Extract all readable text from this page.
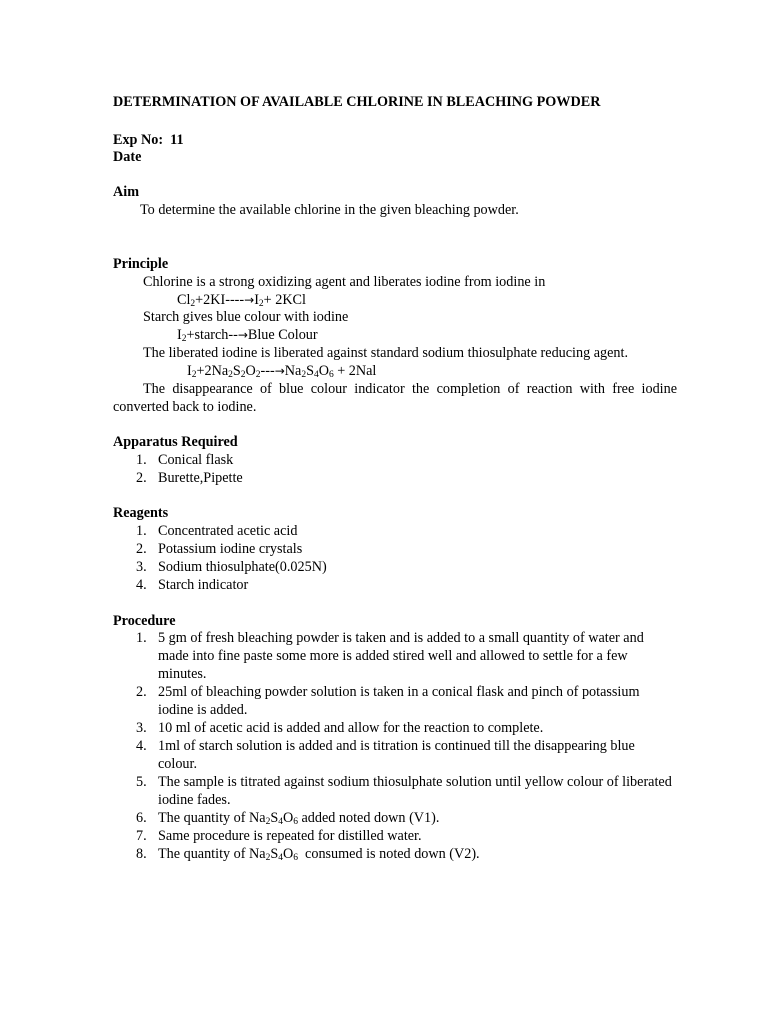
DETERMINATION OF AVAILABLE CHLORINE IN BLEACHING POWDER
Exp No:  11
Date
Aim
To determine the available chlorine in the given bleaching powder.
Principle
Chlorine is a strong oxidizing agent and liberates iodine from iodine in
$Cl_2+2KI----\to I_2+ 2KCl$
Starch gives blue colour with iodine
$I_2+starch--\to Blue$ Colour
The liberated iodine is liberated against standard sodium thiosulphate reducing agent.
$I_2+2Na_2S_2O_2---\to Na_2S_4O_6 + 2Nal$
The disappearance of blue colour indicator the completion of reaction with free iodine converted back to iodine.
Apparatus Required
1. Conical flask
2. Burette,Pipette
Reagents
1. Concentrated acetic acid
2. Potassium iodine crystals
3. Sodium thiosulphate(0.025N)
4. Starch indicator
Procedure
1. 5 gm of fresh bleaching powder is taken and is added to a small quantity of water and made into fine paste some more is added stired well and allowed to settle for a few minutes.
2. 25ml of bleaching powder solution is taken in a conical flask and pinch of potassium iodine is added.
3. 10 ml of acetic acid is added and allow for the reaction to complete.
4. 1ml of starch solution is added and is titration is continued till the disappearing blue colour.
5. The sample is titrated against sodium thiosulphate solution until yellow colour of liberated iodine fades.
6. The quantity of $Na_2S_4O_6$ added noted down (V1).
7. Same procedure is repeated for distilled water.
8. The quantity of $Na_2S_4O_6$  consumed is noted down (V2).
